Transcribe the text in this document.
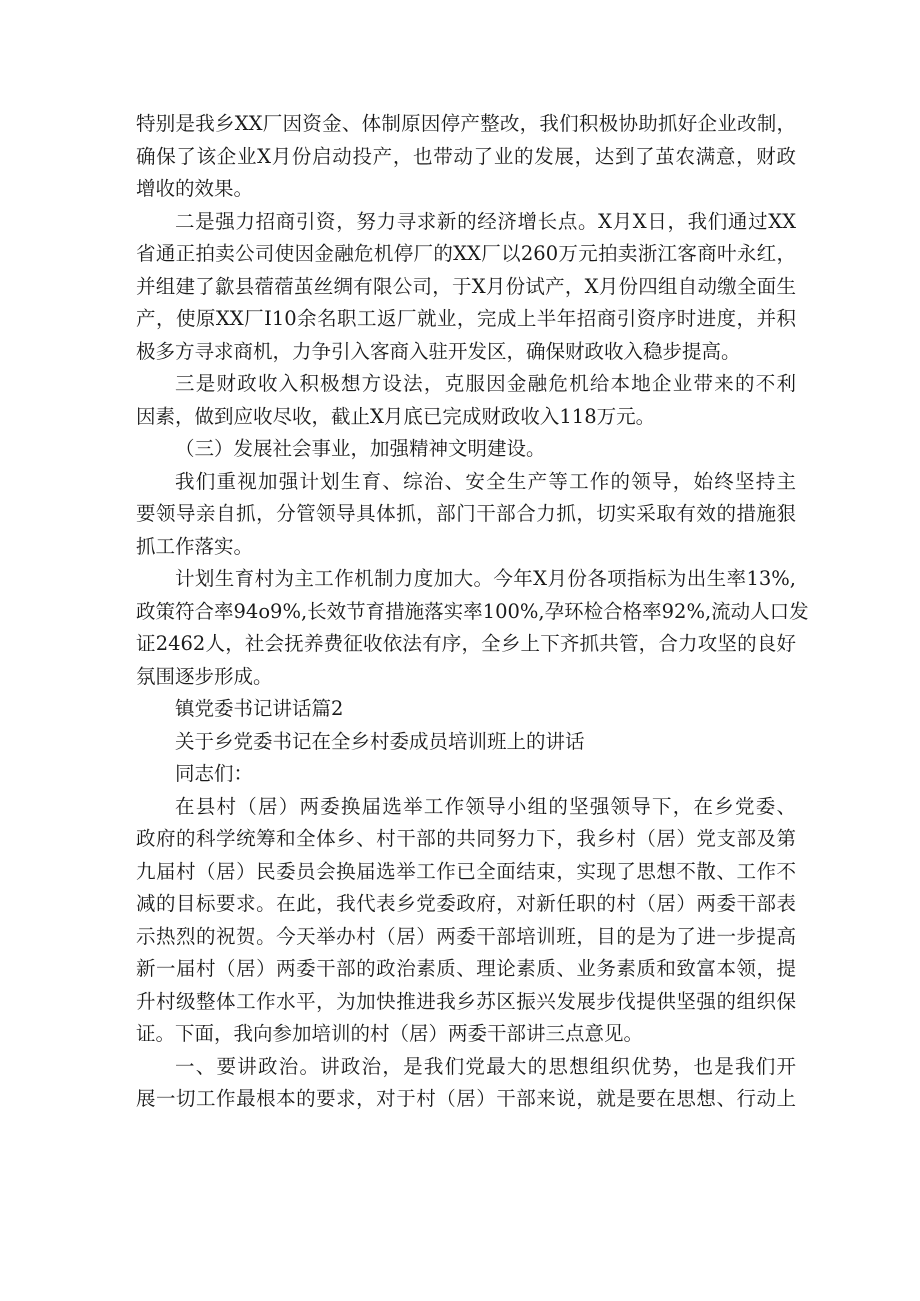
特别是我乡XX厂因资金、体制原因停产整改，我们积极协助抓好企业改制，
确保了该企业X月份启动投产，也带动了业的发展，达到了茧农满意，财政
增收的效果。
二是强力招商引资，努力寻求新的经济增长点。X月X日，我们通过XX
省通正拍卖公司使因金融危机停厂的XX厂以260万元拍卖浙江客商叶永红，
并组建了歙县蓿蓿茧丝绸有限公司，于X月份试产，X月份四组自动缴全面生
产，使原XX厂I10余名职工返厂就业，完成上半年招商引资序时进度，并积
极多方寻求商机，力争引入客商入驻开发区，确保财政收入稳步提高。
三是财政收入积极想方设法，克服因金融危机给本地企业带来的不利
因素，做到应收尽收，截止X月底已完成财政收入118万元。
（三）发展社会事业，加强精神文明建设。
我们重视加强计划生育、综治、安全生产等工作的领导，始终坚持主
要领导亲自抓，分管领导具体抓，部门干部合力抓，切实采取有效的措施狠
抓工作落实。
计划生育村为主工作机制力度加大。今年X月份各项指标为出生率13%,
政策符合率94o9%,长效节育措施落实率100%,孕环检合格率92%,流动人口发
证2462人，社会抚养费征收依法有序，全乡上下齐抓共管，合力攻坚的良好
氛围逐步形成。
镇党委书记讲话篇2
关于乡党委书记在全乡村委成员培训班上的讲话
同志们：
在县村（居）两委换届选举工作领导小组的坚强领导下，在乡党委、
政府的科学统筹和全体乡、村干部的共同努力下，我乡村（居）党支部及第
九届村（居）民委员会换届选举工作已全面结束，实现了思想不散、工作不
减的目标要求。在此，我代表乡党委政府，对新任职的村（居）两委干部表
示热烈的祝贺。今天举办村（居）两委干部培训班，目的是为了进一步提高
新一届村（居）两委干部的政治素质、理论素质、业务素质和致富本领，提
升村级整体工作水平，为加快推进我乡苏区振兴发展步伐提供坚强的组织保
证。下面，我向参加培训的村（居）两委干部讲三点意见。
一、要讲政治。讲政治，是我们党最大的思想组织优势，也是我们开
展一切工作最根本的要求，对于村（居）干部来说，就是要在思想、行动上
